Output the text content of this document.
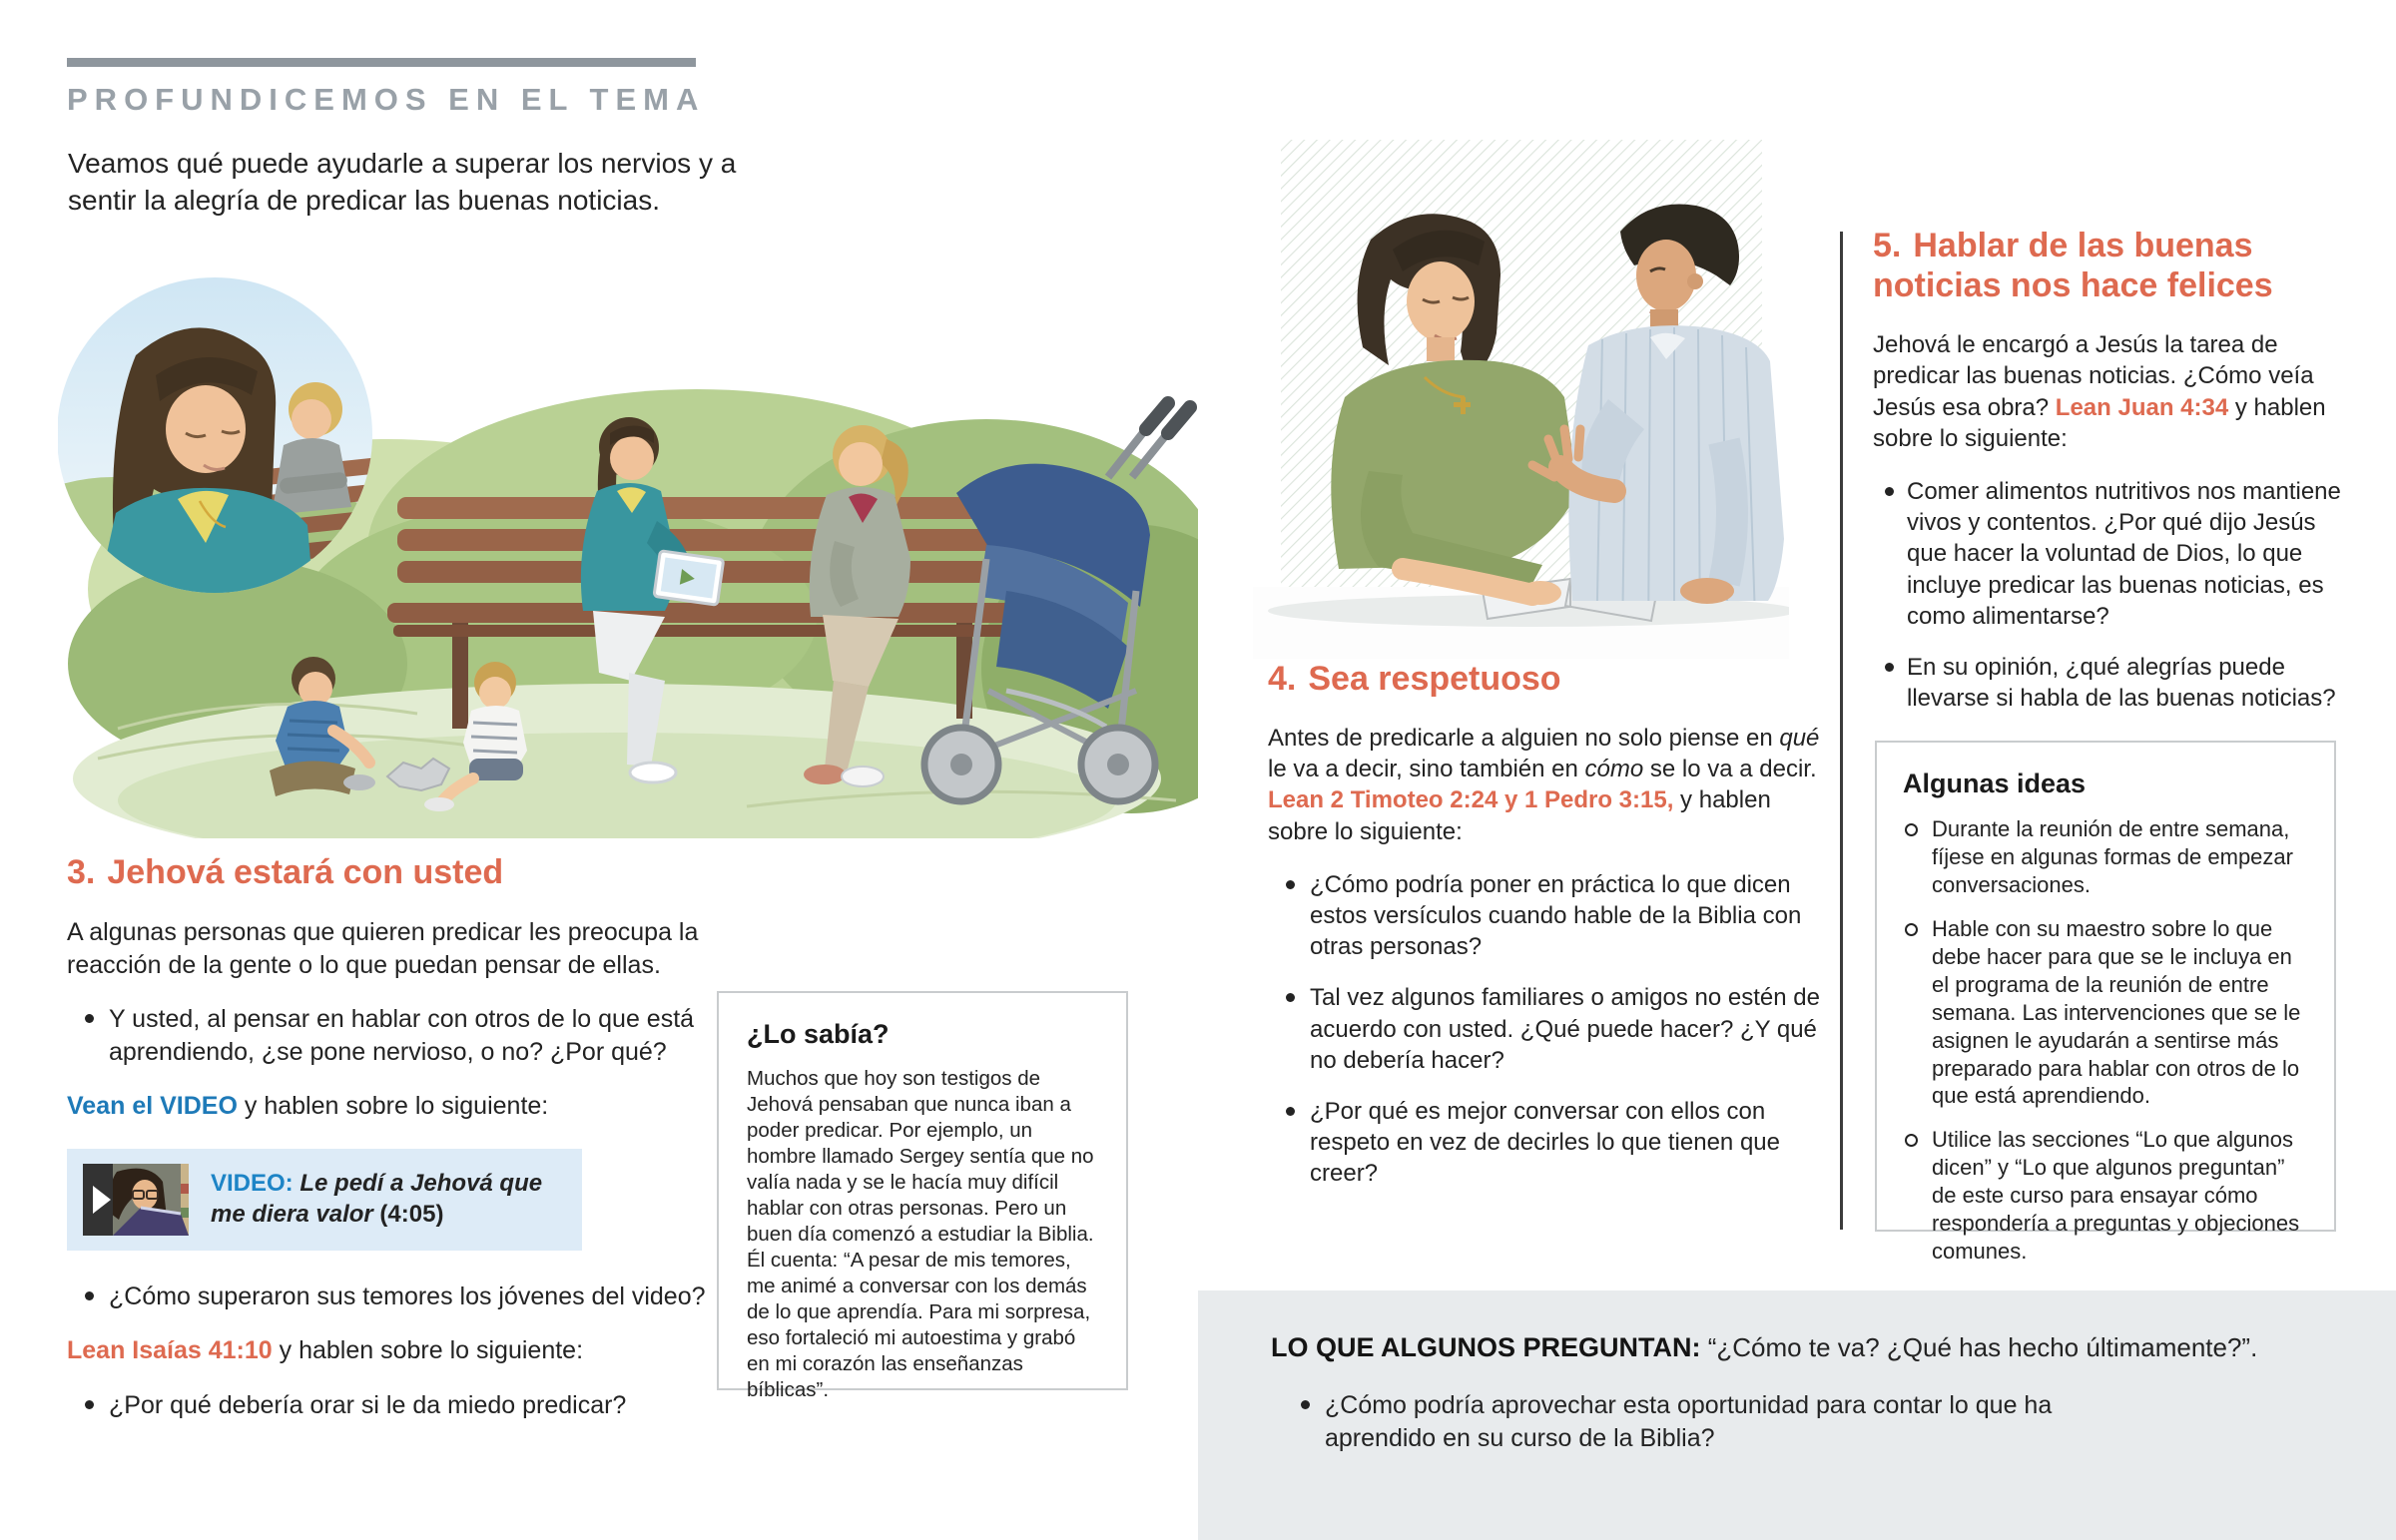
PROFUNDICEMOS EN EL TEMA

Veamos qué puede ayudarle a superar los nervios y a sentir la alegría de predicar las buenas noticias.

3. Jehová estará con usted

A algunas personas que quieren predicar les preocupa la reacción de la gente o lo que puedan pensar de ellas.

Y usted, al pensar en hablar con otros de lo que está aprendiendo, ¿se pone nervioso, o no? ¿Por qué?

Vean el VIDEO y hablen sobre lo siguiente:

VIDEO: Le pedí a Jehová que me diera valor (4:05)
¿Cómo superaron sus temores los jóvenes del video?

Lean Isaías 41:10 y hablen sobre lo siguiente:

¿Por qué debería orar si le da miedo predicar?
¿Lo sabía?

Muchos que hoy son testigos de Jehová pensaban que nunca iban a poder predicar. Por ejemplo, un hombre llamado Sergey sentía que no valía nada y se le hacía muy difícil hablar con otras personas. Pero un buen día comenzó a estudiar la Biblia. Él cuenta: “A pesar de mis temores, me animé a conversar con los demás de lo que aprendía. Para mi sorpresa, eso fortaleció mi autoestima y grabó en mi corazón las enseñanzas bíblicas”.

4. Sea respetuoso

Antes de predicarle a alguien no solo piense en qué le va a decir, sino también en cómo se lo va a decir. Lean 2 Timoteo 2:24 y 1 Pedro 3:15, y hablen sobre lo siguiente:

¿Cómo podría poner en práctica lo que dicen estos versículos cuando hable de la Biblia con otras personas?
Tal vez algunos familiares o amigos no estén de acuerdo con usted. ¿Qué puede hacer? ¿Y qué no debería hacer?
¿Por qué es mejor conversar con ellos con respeto en vez de decirles lo que tienen que creer?
5. Hablar de las buenas noticias nos hace felices

Jehová le encargó a Jesús la tarea de predicar las buenas noticias. ¿Cómo veía Jesús esa obra? Lean Juan 4:34 y hablen sobre lo siguiente:

Comer alimentos nutritivos nos mantiene vivos y contentos. ¿Por qué dijo Jesús que hacer la voluntad de Dios, lo que incluye predicar las buenas noticias, es como alimentarse?
En su opinión, ¿qué alegrías puede llevarse si habla de las buenas noticias?
Algunas ideas
Durante la reunión de entre semana, fíjese en algunas formas de empezar conversaciones.
Hable con su maestro sobre lo que debe hacer para que se le incluya en el programa de la reunión de entre semana. Las intervenciones que se le asignen le ayudarán a sentirse más preparado para hablar con otros de lo que está aprendiendo.
Utilice las secciones “Lo que algunos dicen” y “Lo que algunos preguntan” de este curso para ensayar cómo respondería a preguntas y objeciones comunes.

LO QUE ALGUNOS PREGUNTAN: “¿Cómo te va? ¿Qué has hecho últimamente?”.

¿Cómo podría aprovechar esta oportunidad para contar lo que ha aprendido en su curso de la Biblia?
